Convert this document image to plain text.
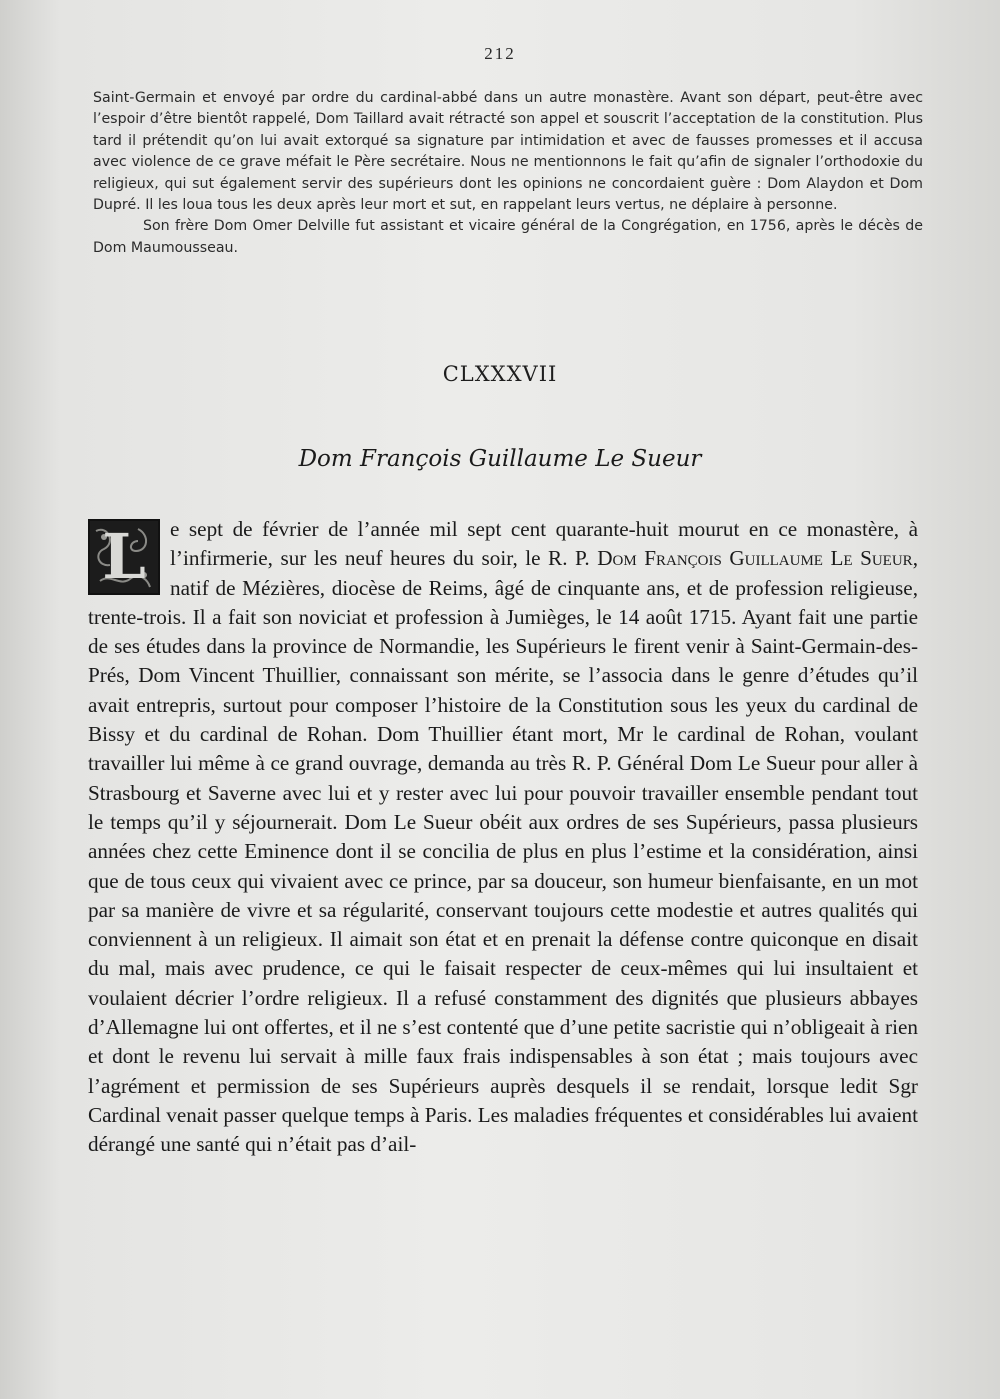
212

Saint-Germain et envoyé par ordre du cardinal-abbé dans un autre monastère. Avant son départ, peut-être avec l’espoir d’être bientôt rappelé, Dom Taillard avait rétracté son appel et souscrit l’acceptation de la constitution. Plus tard il prétendit qu’on lui avait extorqué sa signature par intimidation et avec de fausses promesses et il accusa avec violence de ce grave méfait le Père secrétaire. Nous ne mentionnons le fait qu’afin de signaler l’orthodoxie du religieux, qui sut également servir des supérieurs dont les opinions ne concordaient guère : Dom Alaydon et Dom Dupré. Il les loua tous les deux après leur mort et sut, en rappelant leurs vertus, ne déplaire à personne.

Son frère Dom Omer Delville fut assistant et vicaire général de la Congrégation, en 1756, après le décès de Dom Maumousseau.

CLXXXVII
Dom François Guillaume Le Sueur
L	e sept de février de l’année mil sept cent quarante-huit mourut en ce monastère, à l’infirmerie, sur les neuf heures du soir, le R. P. Dom François Guillaume Le Sueur, natif de Mézières, diocèse de Reims, âgé de cinquante ans, et de profession religieuse, trente-trois. Il a fait son noviciat et profession à Jumièges, le 14 août 1715. Ayant fait une partie de ses études dans la province de Normandie, les Supérieurs le firent venir à Saint-Germain-des-Prés, Dom Vincent Thuillier, connaissant son mérite, se l’associa dans le genre d’études qu’il avait entrepris, surtout pour composer l’histoire de la Constitution sous les yeux du cardinal de Bissy et du cardinal de Rohan. Dom Thuillier étant mort, Mr le cardinal de Rohan, voulant travailler lui même à ce grand ouvrage, demanda au très R. P. Général Dom Le Sueur pour aller à Strasbourg et Saverne avec lui et y rester avec lui pour pouvoir travailler ensemble pendant tout le temps qu’il y séjournerait. Dom Le Sueur obéit aux ordres de ses Supérieurs, passa plusieurs années chez cette Eminence dont il se concilia de plus en plus l’estime et la considération, ainsi que de tous ceux qui vivaient avec ce prince, par sa douceur, son humeur bienfaisante, en un mot par sa manière de vivre et sa régularité, conservant toujours cette modestie et autres qualités qui conviennent à un religieux. Il aimait son état et en prenait la défense contre quiconque en disait du mal, mais avec prudence, ce qui le faisait respecter de ceux-mêmes qui lui insultaient et voulaient décrier l’ordre religieux. Il a refusé constamment des dignités que plusieurs abbayes d’Allemagne lui ont offertes, et il ne s’est contenté que d’une petite sacristie qui n’obligeait à rien et dont le revenu lui servait à mille faux frais indispensables à son état ; mais toujours avec l’agrément et permission de ses Supérieurs auprès desquels il se rendait, lorsque ledit Sgr Cardinal venait passer quelque temps à Paris. Les maladies fréquentes et considérables lui avaient dérangé une santé qui n’était pas d’ail-
